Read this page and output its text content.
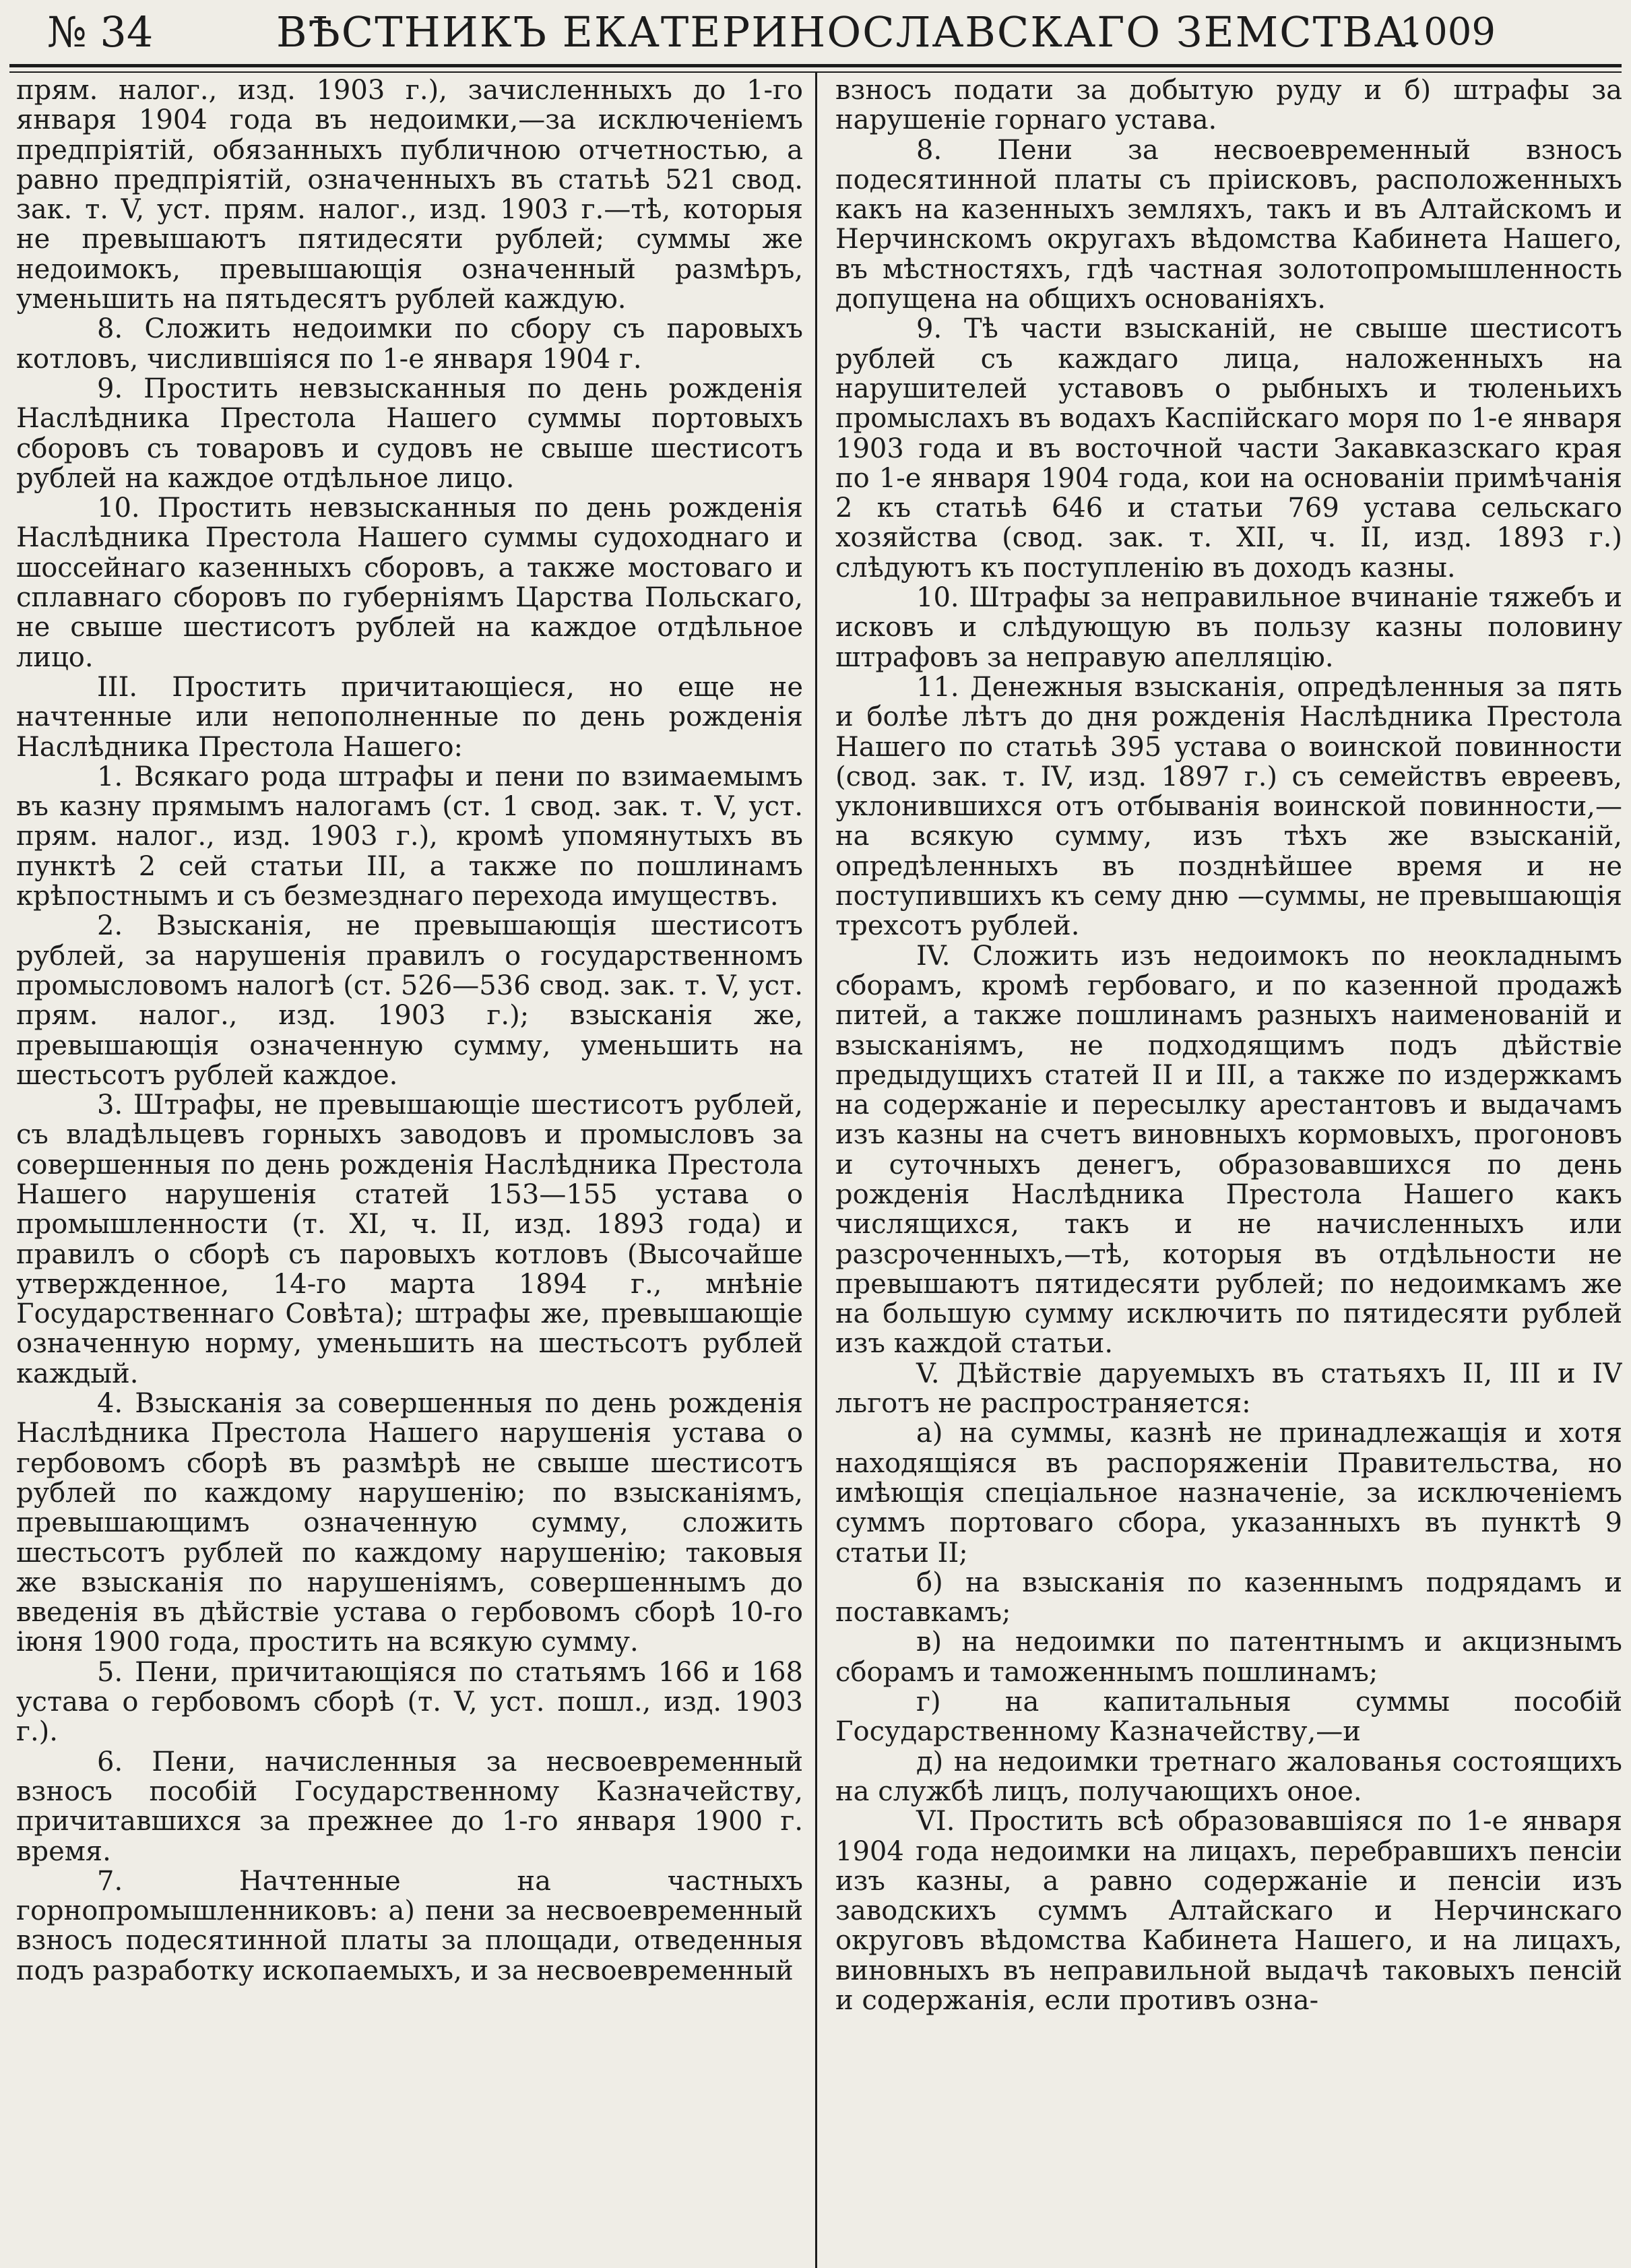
№ 34	ВѢСТНИКЪ ЕКАТЕРИНОСЛАВСКАГО ЗЕМСТВА.
1009

прям. налог., изд. 1903 г.), зачисленныхъ до 1-го января 1904 года въ недоимки,—за исключеніемъ предпріятій, обязанныхъ публичною отчетностью, а равно предпріятій, означенныхъ въ статьѣ 521 свод. зак. т. V, уст. прям. налог., изд. 1903 г.—тѣ, которыя не превышаютъ пятидесяти рублей; суммы же недоимокъ, превышающія означенный размѣръ, уменьшить на пятьдесятъ рублей каждую.

8. Сложить недоимки по сбору съ паровыхъ котловъ, числившіяся по 1-е января 1904 г.

9. Простить невзысканныя по день рожденія Наслѣдника Престола Нашего суммы портовыхъ сборовъ съ товаровъ и судовъ не свыше шестисотъ рублей на каждое отдѣльное лицо.

10. Простить невзысканныя по день рожденія Наслѣдника Престола Нашего суммы судоходнаго и шоссейнаго казенныхъ сборовъ, а также мостоваго и сплавнаго сборовъ по губерніямъ Царства Польскаго, не свыше шестисотъ рублей на каждое отдѣльное лицо.

III. Простить причитающіеся, но еще не начтенные или непополненные по день рожденія Наслѣдника Престола Нашего:

1. Всякаго рода штрафы и пени по взимаемымъ въ казну прямымъ налогамъ (ст. 1 свод. зак. т. V, уст. прям. налог., изд. 1903 г.), кромѣ упомянутыхъ въ пунктѣ 2 сей статьи III, а также по пошлинамъ крѣпостнымъ и съ безмезднаго перехода имуществъ.

2. Взысканія, не превышающія шестисотъ рублей, за нарушенія правилъ о государственномъ промысловомъ налогѣ (ст. 526—536 свод. зак. т. V, уст. прям. налог., изд. 1903 г.); взысканія же, превышающія означенную сумму, уменьшить на шестьсотъ рублей каждое.

3. Штрафы, не превышающіе шестисотъ рублей, съ владѣльцевъ горныхъ заводовъ и промысловъ за совершенныя по день рожденія Наслѣдника Престола Нашего нарушенія статей 153—155 устава о промышленности (т. XI, ч. II, изд. 1893 года) и правилъ о сборѣ съ паровыхъ котловъ (Высочайше утвержденное, 14-го марта 1894 г., мнѣніе Государственнаго Совѣта); штрафы же, превышающіе означенную норму, уменьшить на шестьсотъ рублей каждый.

4. Взысканія за совершенныя по день рожденія Наслѣдника Престола Нашего нарушенія устава о гербовомъ сборѣ въ размѣрѣ не свыше шестисотъ рублей по каждому нарушенію; по взысканіямъ, превышающимъ означенную сумму, сложить шестьсотъ рублей по каждому нарушенію; таковыя же взысканія по нарушеніямъ, совершеннымъ до введенія въ дѣйствіе устава о гербовомъ сборѣ 10-го іюня 1900 года, простить на всякую сумму.

5. Пени, причитающіяся по статьямъ 166 и 168 устава о гербовомъ сборѣ (т. V, уст. пошл., изд. 1903 г.).

6. Пени, начисленныя за несвоевременный взносъ пособій Государственному Казначейству, причитавшихся за прежнее до 1-го января 1900 г. время.

7. Начтенные на частныхъ горнопромышленниковъ: а) пени за несвоевременный взносъ подесятинной платы за площади, отведенныя подъ разработку ископаемыхъ, и за несвоевременный

взносъ подати за добытую руду и б) штрафы за нарушеніе горнаго устава.

8. Пени за несвоевременный взносъ подесятинной платы съ пріисковъ, расположенныхъ какъ на казенныхъ земляхъ, такъ и въ Алтайскомъ и Нерчинскомъ округахъ вѣдомства Кабинета Нашего, въ мѣстностяхъ, гдѣ частная золотопромышленность допущена на общихъ основаніяхъ.

9. Тѣ части взысканій, не свыше шестисотъ рублей съ каждаго лица, наложенныхъ на нарушителей уставовъ о рыбныхъ и тюленьихъ промыслахъ въ водахъ Каспійскаго моря по 1-е января 1903 года и въ восточной части Закавказскаго края по 1-е января 1904 года, кои на основаніи примѣчанія 2 къ статьѣ 646 и статьи 769 устава сельскаго хозяйства (свод. зак. т. XII, ч. II, изд. 1893 г.) слѣдуютъ къ поступленію въ доходъ казны.

10. Штрафы за неправильное вчинаніе тяжебъ и исковъ и слѣдующую въ пользу казны половину штрафовъ за неправую апелляцію.

11. Денежныя взысканія, опредѣленныя за пять и болѣе лѣтъ до дня рожденія Наслѣдника Престола Нашего по статьѣ 395 устава о воинской повинности (свод. зак. т. IV, изд. 1897 г.) съ семействъ евреевъ, уклонившихся отъ отбыванія воинской повинности,—на всякую сумму, изъ тѣхъ же взысканій, опредѣленныхъ въ позднѣйшее время и не поступившихъ къ сему дню —суммы, не превышающія трехсотъ рублей.

IV. Сложить изъ недоимокъ по неокладнымъ сборамъ, кромѣ гербоваго, и по казенной продажѣ питей, а также пошлинамъ разныхъ наименованій и взысканіямъ, не подходящимъ подъ дѣйствіе предыдущихъ статей II и III, а также по издержкамъ на содержаніе и пересылку арестантовъ и выдачамъ изъ казны на счетъ виновныхъ кормовыхъ, прогоновъ и суточныхъ денегъ, образовавшихся по день рожденія Наслѣдника Престола Нашего какъ числящихся, такъ и не начисленныхъ или разсроченныхъ,—тѣ, которыя въ отдѣльности не превышаютъ пятидесяти рублей; по недоимкамъ же на большую сумму исключить по пятидесяти рублей изъ каждой статьи.

V. Дѣйствіе даруемыхъ въ статьяхъ II, III и IV льготъ не распространяется:

а) на суммы, казнѣ не принадлежащія и хотя находящіяся въ распоряженіи Правительства, но имѣющія спеціальное назначеніе, за исключеніемъ суммъ портоваго сбора, указанныхъ въ пунктѣ 9 статьи II;

б) на взысканія по казеннымъ подрядамъ и поставкамъ;

в) на недоимки по патентнымъ и акцизнымъ сборамъ и таможеннымъ пошлинамъ;

г) на капитальныя суммы пособій Государственному Казначейству,—и

д) на недоимки третнаго жалованья состоящихъ на службѣ лицъ, получающихъ оное.

VI. Простить всѣ образовавшіяся по 1-е января 1904 года недоимки на лицахъ, перебравшихъ пенсіи изъ казны, а равно содержаніе и пенсіи изъ заводскихъ суммъ Алтайскаго и Нерчинскаго округовъ вѣдомства Кабинета Нашего, и на лицахъ, виновныхъ въ неправильной выдачѣ таковыхъ пенсій и содержанія, если противъ озна-
